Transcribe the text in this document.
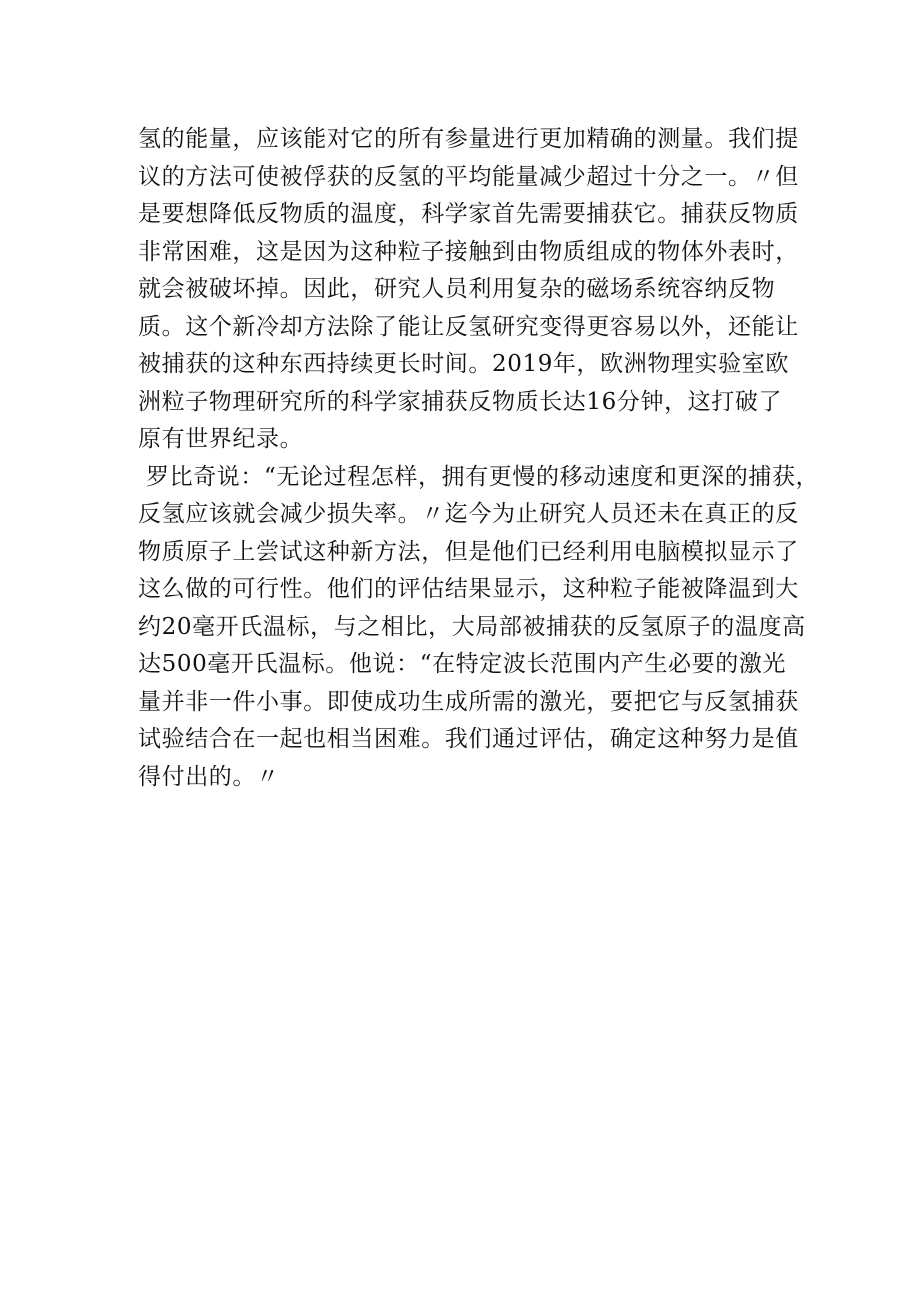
氢的能量，应该能对它的所有参量进行更加精确的测量。我们提
议的方法可使被俘获的反氢的平均能量减少超过十分之一。〃但
是要想降低反物质的温度，科学家首先需要捕获它。捕获反物质
非常困难，这是因为这种粒子接触到由物质组成的物体外表时，
就会被破坏掉。因此，研究人员利用复杂的磁场系统容纳反物
质。这个新冷却方法除了能让反氢研究变得更容易以外，还能让
被捕获的这种东西持续更长时间。2019年，欧洲物理实验室欧
洲粒子物理研究所的科学家捕获反物质长达16分钟，这打破了
原有世界纪录。
罗比奇说：“无论过程怎样，拥有更慢的移动速度和更深的捕获，
反氢应该就会减少损失率。〃迄今为止研究人员还未在真正的反
物质原子上尝试这种新方法，但是他们已经利用电脑模拟显示了
这么做的可行性。他们的评估结果显示，这种粒子能被降温到大
约20毫开氏温标，与之相比，大局部被捕获的反氢原子的温度高
达500毫开氏温标。他说：“在特定波长范围内产生必要的激光
量并非一件小事。即使成功生成所需的激光，要把它与反氢捕获
试验结合在一起也相当困难。我们通过评估，确定这种努力是值
得付出的。〃
